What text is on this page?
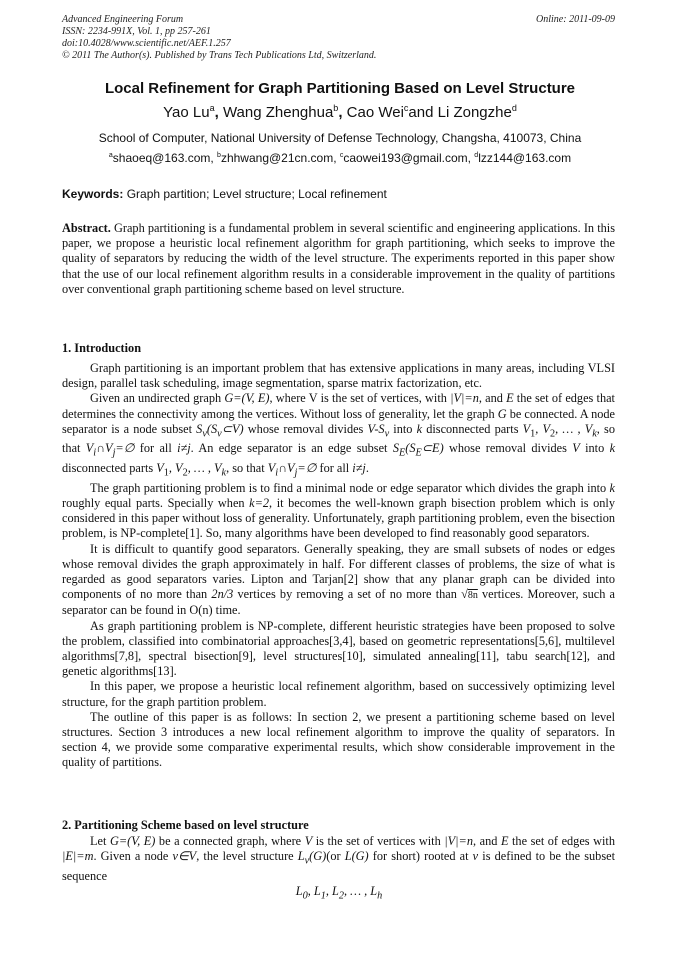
Advanced Engineering Forum
ISSN: 2234-991X, Vol. 1, pp 257-261
doi:10.4028/www.scientific.net/AEF.1.257
© 2011 The Author(s). Published by Trans Tech Publications Ltd, Switzerland.
Online: 2011-09-09
Local Refinement for Graph Partitioning Based on Level Structure
Yao Lu$^a$, Wang Zhenghua$^b$, Cao Wei$^c$and Li Zongzhe$^d$
School of Computer, National University of Defense Technology, Changsha, 410073, China
$^a$shaoeq@163.com, $^b$zhhwang@21cn.com, $^c$caowei193@gmail.com, $^d$lzz144@163.com
Keywords: Graph partition; Level structure; Local refinement

Abstract. Graph partitioning is a fundamental problem in several scientific and engineering applications. In this paper, we propose a heuristic local refinement algorithm for graph partitioning, which seeks to improve the quality of separators by reducing the width of the level structure. The experiments reported in this paper show that the use of our local refinement algorithm results in a considerable improvement in the quality of partitions over conventional graph partitioning scheme based on level structure.

1. Introduction

Graph partitioning is an important problem that has extensive applications in many areas, including VLSI design, parallel task scheduling, image segmentation, sparse matrix factorization, etc.

Given an undirected graph G=(V, E), where V is the set of vertices, with |V|=n, and E the set of edges that determines the connectivity among the vertices. Without loss of generality, let the graph G be connected. A node separator is a node subset $S_v(S_v\subset V)$ whose removal divides $V-S_v$ into k disconnected parts $V_1$, $V_2$, … , $V_k$, so that $V_i\cap V_j=\emptyset$ for all i≠j. An edge separator is an edge subset $S_E(S_E\subset E)$ whose removal divides V into k disconnected parts $V_1$, $V_2$, … , $V_k$, so that $V_i\cap V_j=\emptyset$ for all i≠j.

The graph partitioning problem is to find a minimal node or edge separator which divides the graph into k roughly equal parts. Specially when k=2, it becomes the well-known graph bisection problem which is only considered in this paper without loss of generality. Unfortunately, graph partitioning problem, even the bisection problem, is NP-complete[1]. So, many algorithms have been developed to find reasonably good separators.

It is difficult to quantify good separators. Generally speaking, they are small subsets of nodes or edges whose removal divides the graph approximately in half. For different classes of problems, the size of what is regarded as good separators varies. Lipton and Tarjan[2] show that any planar graph can be divided into components of no more than 2n/3 vertices by removing a set of no more than √8n vertices. Moreover, such a separator can be found in O(n) time.

As graph partitioning problem is NP-complete, different heuristic strategies have been proposed to solve the problem, classified into combinatorial approaches[3,4], based on geometric representations[5,6], multilevel algorithms[7,8], spectral bisection[9], level structures[10], simulated annealing[11], tabu search[12], and genetic algorithms[13].

In this paper, we propose a heuristic local refinement algorithm, based on successively optimizing level structure, for the graph partition problem.

The outline of this paper is as follows: In section 2, we present a partitioning scheme based on level structures. Section 3 introduces a new local refinement algorithm to improve the quality of separators. In section 4, we provide some comparative experimental results, which show considerable improvement in the quality of partitions.

2. Partitioning Scheme based on level structure

Let G=(V, E) be a connected graph, where V is the set of vertices with |V|=n, and E the set of edges with |E|=m. Given a node v∈V, the level structure $L_v(G)(or$ L(G) for short) rooted at v is defined to be the subset sequence

$L_0$, $L_1$, $L_2$, … , $L_h$
